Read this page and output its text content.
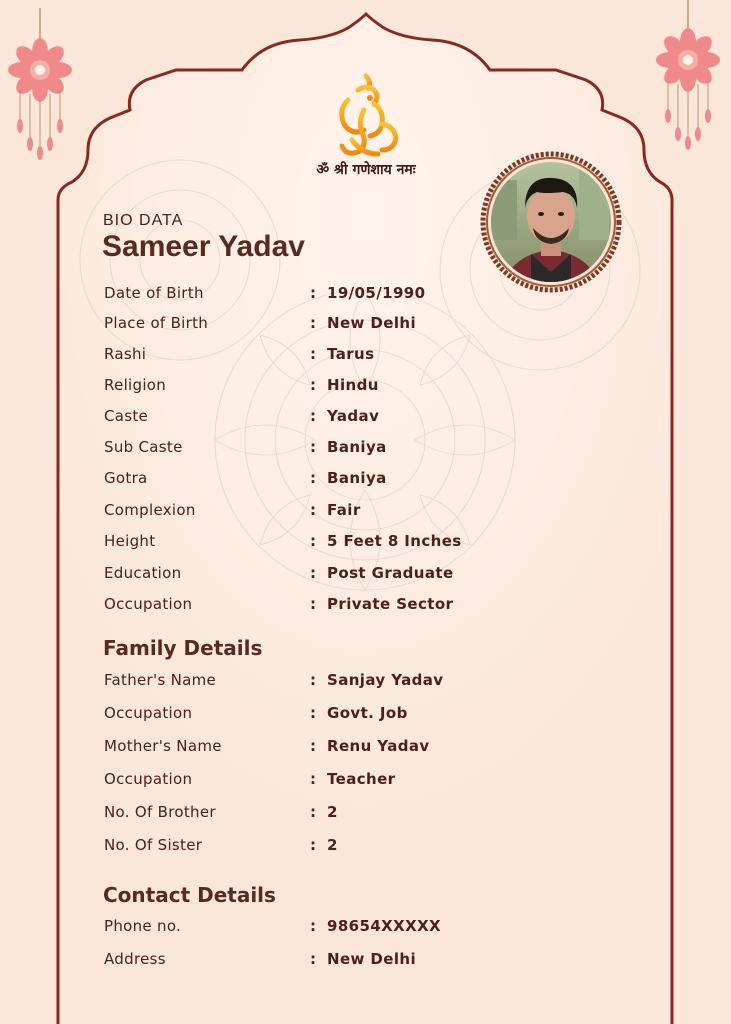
ॐ श्री गणेशाय नमः
BIO DATA
Sameer Yadav
Date of Birth	: 19/05/1990
Place of Birth	: New Delhi
Rashi	: Tarus
Religion	: Hindu
Caste	: Yadav
Sub Caste	: Baniya
Gotra	: Baniya
Complexion	: Fair
Height	: 5 Feet 8 Inches
Education	: Post Graduate
Occupation	: Private Sector
Family Details
Father's Name	: Sanjay Yadav
Occupation	: Govt. Job
Mother's Name	: Renu Yadav
Occupation	: Teacher
No. Of Brother	: 2
No. Of Sister	: 2
Contact Details
Phone no.	: 98654XXXXX
Address	: New Delhi
